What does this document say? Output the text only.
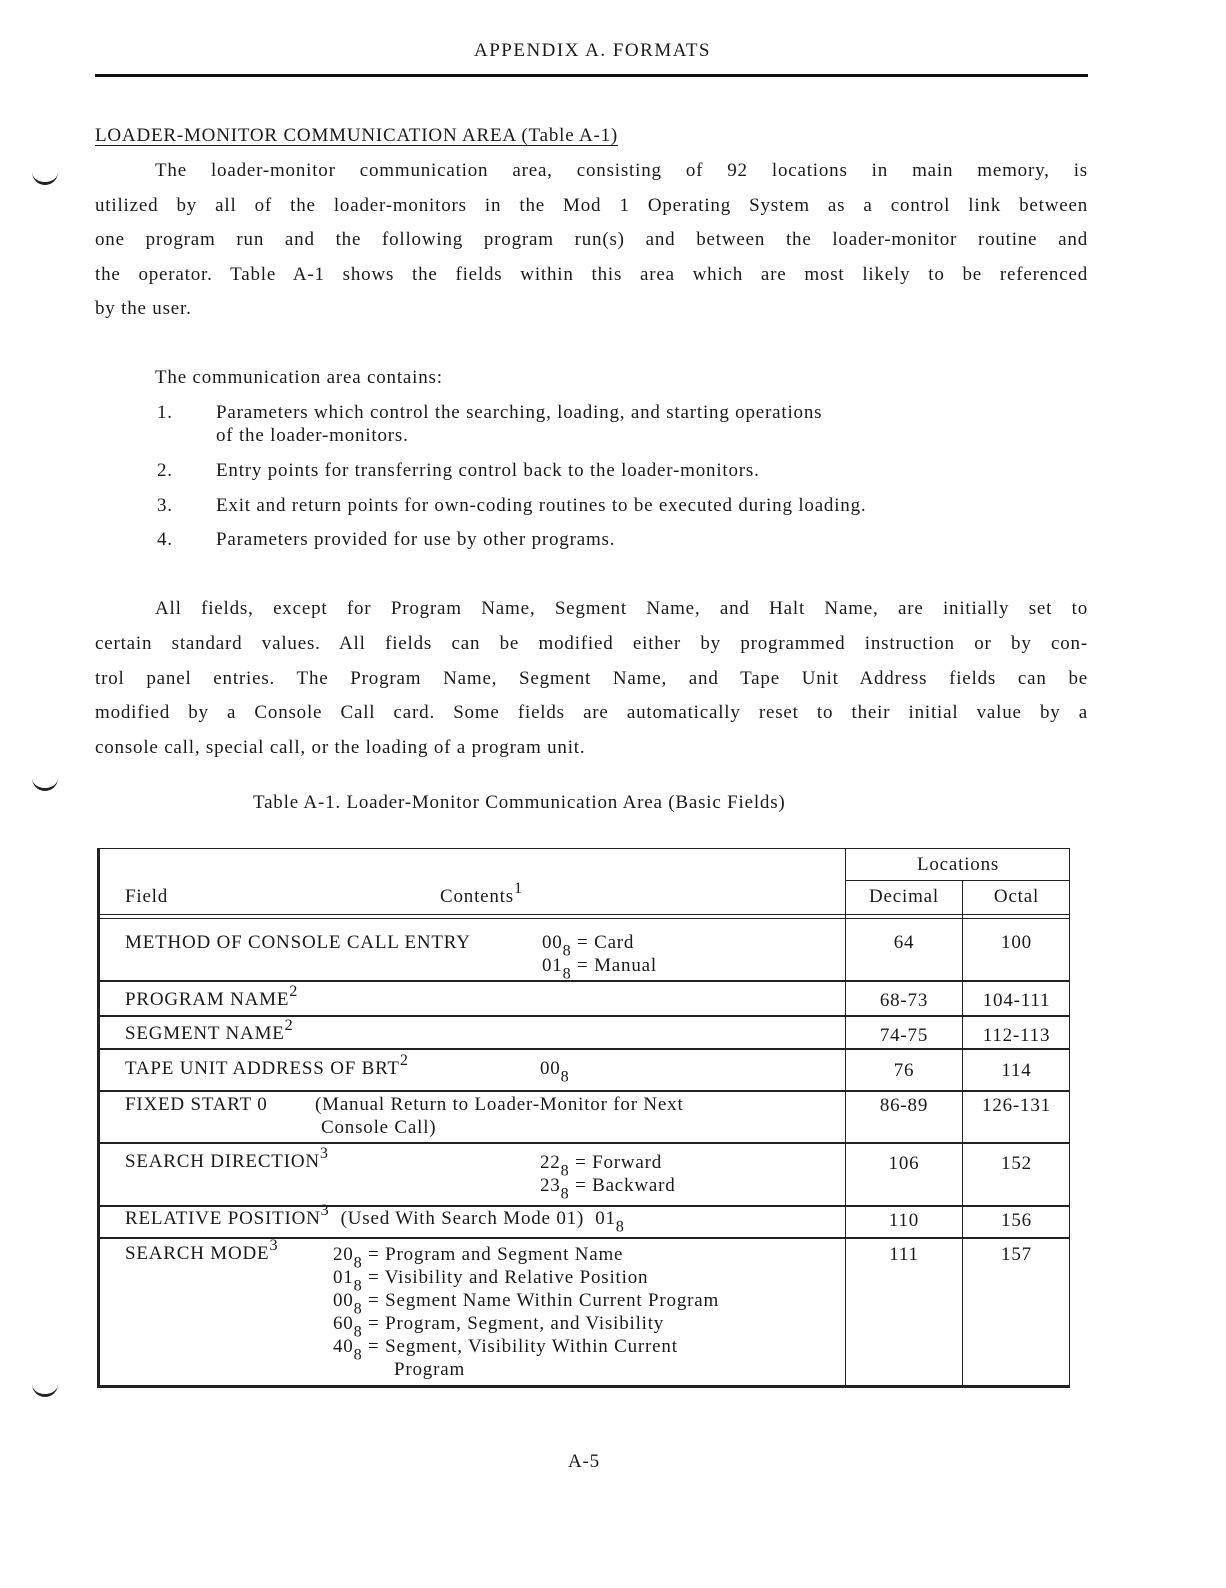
APPENDIX A. FORMATS
LOADER-MONITOR COMMUNICATION AREA (Table A-1)
The loader-monitor communication area, consisting of 92 locations in main memory, is
utilized by all of the loader-monitors in the Mod 1 Operating System as a control link between
one program run and the following program run(s) and between the loader-monitor routine and
the operator. Table A-1 shows the fields within this area which are most likely to be referenced
by the user.
The communication area contains:
1. Parameters which control the searching, loading, and starting operations
of the loader-monitors.
2. Entry points for transferring control back to the loader-monitors.
3. Exit and return points for own-coding routines to be executed during loading.
4. Parameters provided for use by other programs.
All fields, except for Program Name, Segment Name, and Halt Name, are initially set to
certain standard values. All fields can be modified either by programmed instruction or by con-
trol panel entries. The Program Name, Segment Name, and Tape Unit Address fields can be
modified by a Console Call card. Some fields are automatically reset to their initial value by a
console call, special call, or the loading of a program unit.
Table A-1. Loader-Monitor Communication Area (Basic Fields)
Field	Contents$^1$
Locations
Decimal	Octal
METHOD OF CONSOLE CALL ENTRY	$00_8$ = Card
$01_8$ = Manual
64	100
PROGRAM NAME$^2$	68-73	104-111
SEGMENT NAME$^2$	74-75	112-113
TAPE UNIT ADDRESS OF BRT$^2$	$00_8$	76	114
FIXED START 0 (Manual Return to Loader-Monitor for Next
Console Call)
86-89	126-131
SEARCH DIRECTION$^3$	$22_8$ = Forward
$23_8$ = Backward
106	152
RELATIVE POSITION$^3$ (Used With Search Mode 01) $01_8$	110	156
SEARCH MODE$^3$	$20_8$ = Program and Segment Name
$01_8$ = Visibility and Relative Position
$00_8$ = Segment Name Within Current Program
$60_8$ = Program, Segment, and Visibility
$40_8$ = Segment, Visibility Within Current
Program
111	157
A-5
